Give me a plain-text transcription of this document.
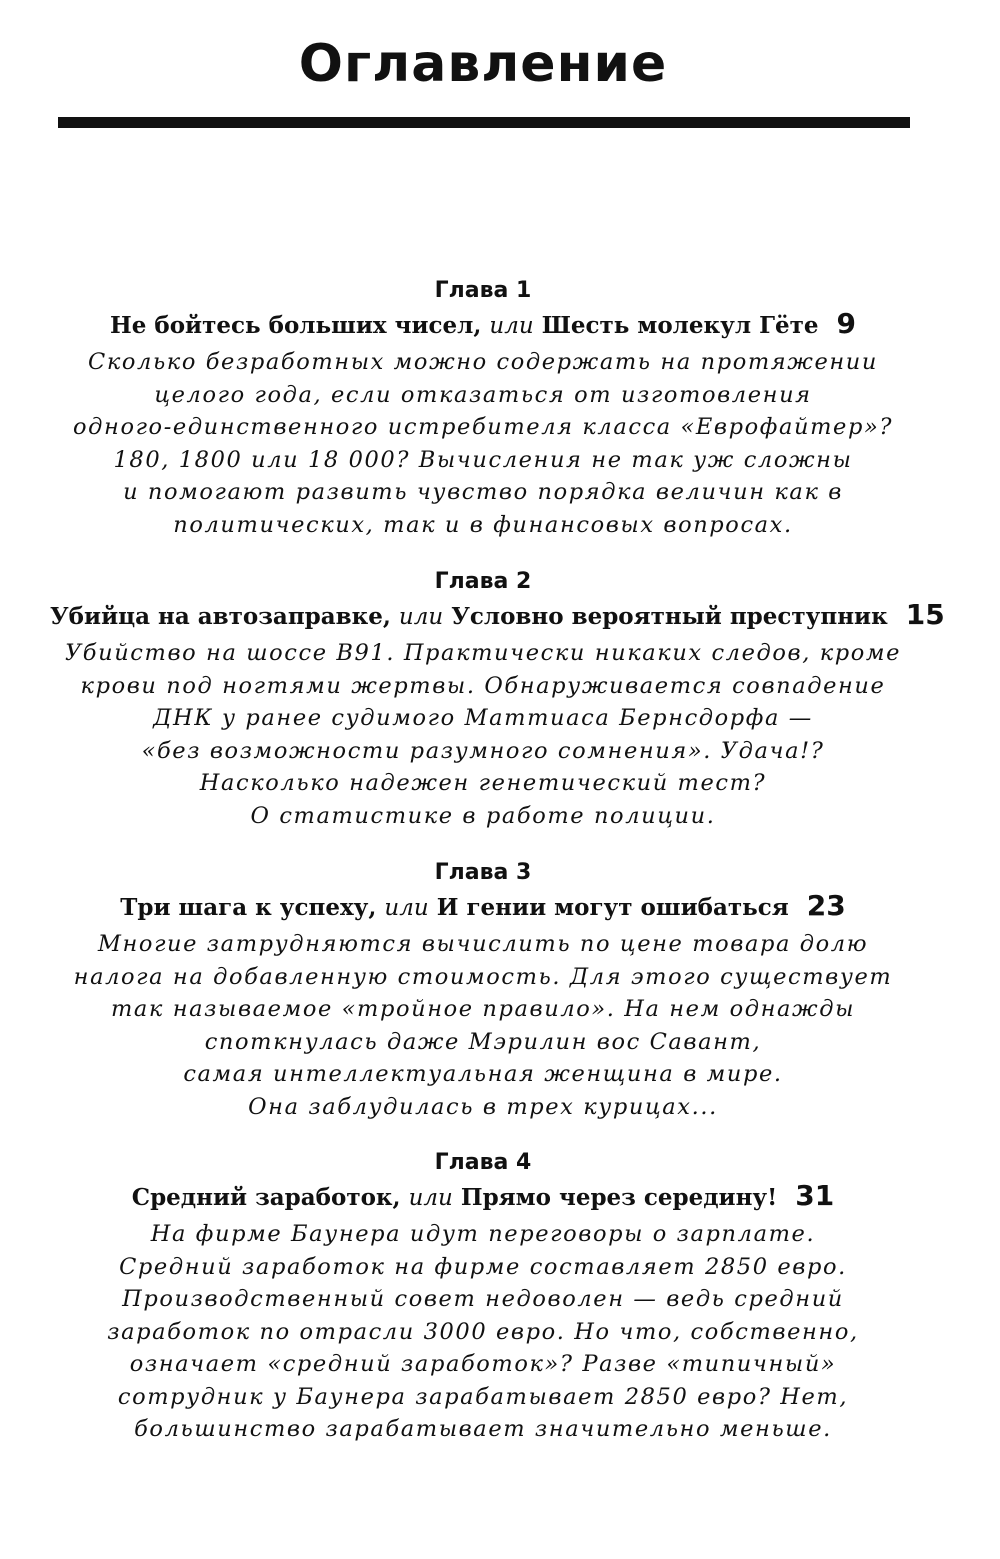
Оглавление
Глава 1
Не бойтесь больших чисел, или Шесть молекул Гёте 9
Сколько безработных можно содержать на протяжении
целого года, если отказаться от изготовления
одного-единственного истребителя класса «Еврофайтер»?
180, 1800 или 18 000? Вычисления не так уж сложны
и помогают развить чувство порядка величин как в
политических, так и в финансовых вопросах.
Глава 2
Убийца на автозаправке, или Условно вероятный преступник 15
Убийство на шоссе В91. Практически никаких следов, кроме
крови под ногтями жертвы. Обнаруживается совпадение
ДНК у ранее судимого Маттиаса Бернсдорфа —
«без возможности разумного сомнения». Удача!?
Насколько надежен генетический тест?
О статистике в работе полиции.
Глава 3
Три шага к успеху, или И гении могут ошибаться 23
Многие затрудняются вычислить по цене товара долю
налога на добавленную стоимость. Для этого существует
так называемое «тройное правило». На нем однажды
споткнулась даже Мэрилин вос Савант,
самая интеллектуальная женщина в мире.
Она заблудилась в трех курицах...
Глава 4
Средний заработок, или Прямо через середину! 31
На фирме Баунера идут переговоры о зарплате.
Средний заработок на фирме составляет 2850 евро.
Производственный совет недоволен — ведь средний
заработок по отрасли 3000 евро. Но что, собственно,
означает «средний заработок»? Разве «типичный»
сотрудник у Баунера зарабатывает 2850 евро? Нет,
большинство зарабатывает значительно меньше.
